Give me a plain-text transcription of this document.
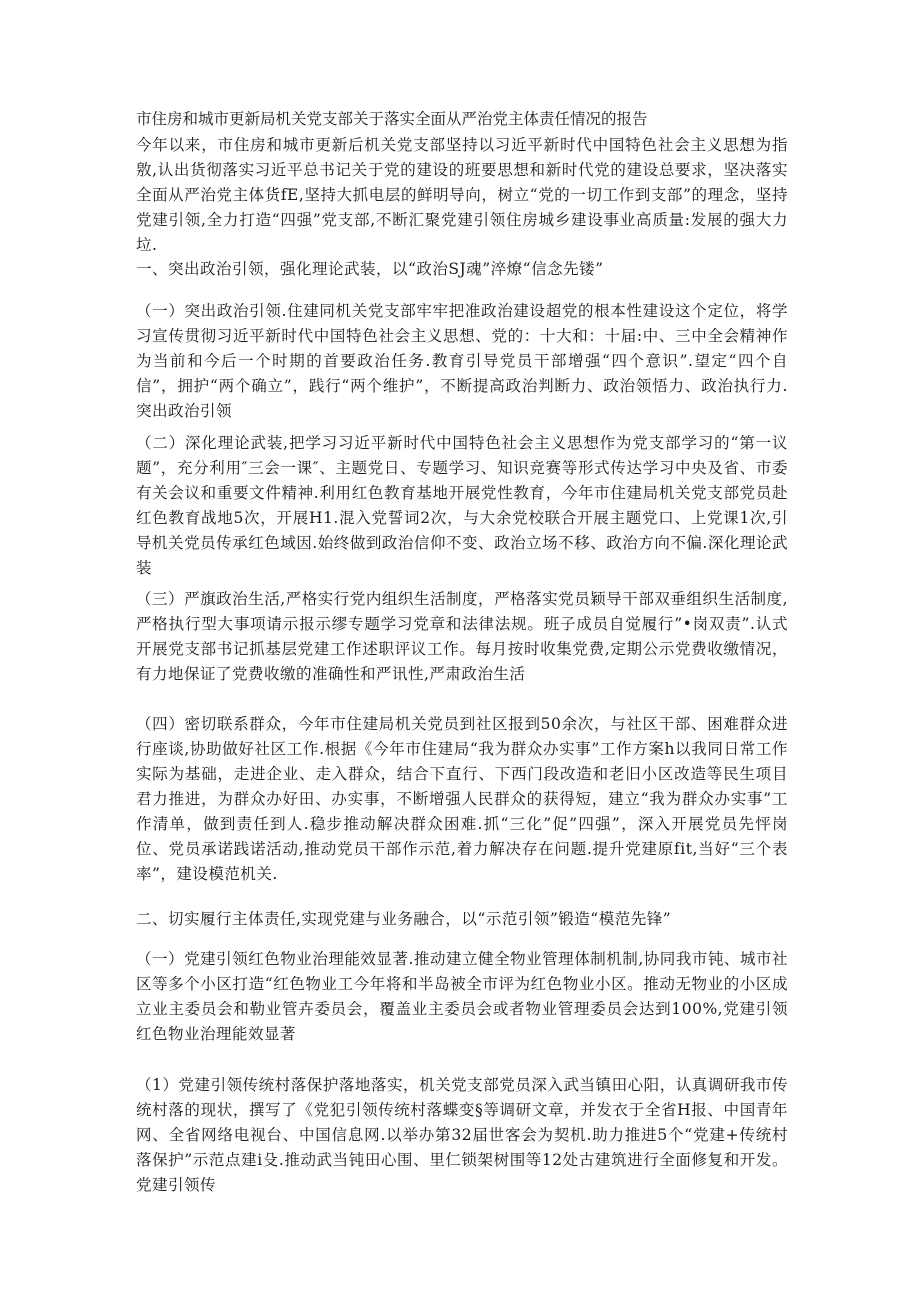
市住房和城市更新局机关党支部关于落实全面从严治党主体责任情况的报告
今年以来，市住房和城市更新后机关党支部坚持以习近平新时代中国特色社会主义思想为指敫,认出货彻落实习近平总书记关于党的建设的班要思想和新时代党的建设总要求，坚决落实全面从严治党主体货fE,坚持大抓电层的鲜明导向，树立“党的一切工作到支部”的理念，坚持党建引领,全力打造“四强”党支部,不断汇聚党建引领住房城乡建设事业高质量:发展的强大力垃.
一、突出政治引领，强化理论武装，以“政治SJ魂”淬燎“信念先镂”
（一）突出政治引领.住建同机关党支部牢牢把准政治建设超党的根本性建设这个定位，将学习宣传贯彻习近平新时代中国特色社会主义思想、党的：十大和：十届:中、三中全会精神作为当前和今后一个时期的首要政治任务.教育引导党员干部增强“四个意识”.望定“四个自信”，拥护“两个确立”，践行“两个维护”，不断提高政治判断力、政治领悟力、政治执行力.突出政治引领
（二）深化理论武装,把学习习近平新时代中国特色社会主义思想作为党支部学习的“第一议题”，充分利用″三会一课″、主题党日、专题学习、知识竞赛等形式传达学习中央及省、市委有关会议和重要文件精神.利用红色教育基地开展党性教育，今年市住建局机关党支部党员赴红色教育战地5次，开展H1.混入党誓词2次，与大余党校联合开展主题党口、上党课1次,引导机关党员传承红色域因.始终做到政治信仰不变、政治立场不移、政治方向不偏.深化理论武装
（三）严旗政治生活,严格实行党内组织生活制度，严格落实党员颖导干部双垂组织生活制度,严格执行型大事项请示报示缪专题学习党章和法律法规。班子成员自觉履行”•岗双责”.认式开展党支部书记抓基层党建工作述职评议工作。每月按时收集党费,定期公示党费收缴情况，有力地保证了党费收缴的准确性和严讯性,严肃政治生活
（四）密切联系群众，今年市住建局机关党员到社区报到50余次，与社区干部、困难群众进行座谈,协助做好社区工作.根据《今年市住建局“我为群众办实事”工作方案h以我同日常工作实际为基础，走进企业、走入群众，结合下直行、下西门段改造和老旧小区改造等民生项目君力推进，为群众办好田、办实事，不断增强人民群众的获得短，建立“我为群众办实事”工作清单，做到责任到人.稳步推动解决群众困难.抓“三化”促”四强”，深入开展党员先怦岗位、党员承诺践诺活动,推动党员干部作示范,着力解决存在问题.提升党建原fit,当好“三个表率”，建设模范机关.
二、切实履行主体责任,实现党建与业务融合，以“示范引领”锻造“模范先锋”
（一）党建引领红色物业治理能效显著.推动建立健全物业管理体制机制,协同我市钝、城市社区等多个小区打造“红色物业工今年将和半岛被全市评为红色物业小区。推动无物业的小区成立业主委员会和勒业管卉委员会，覆盖业主委员会或者物业管理委员会达到100%,党建引领红色物业治理能效显著
（1）党建引领传统村落保护落地落实，机关党支部党员深入武当镇田心阳，认真调研我市传统村落的现状，撰写了《党犯引领传统村落蝶变§等调研文章，并发衣于全省H报、中国青年网、全省网络电视台、中国信息网.以举办第32届世客会为契机.助力推进5个“党建+传统村落保护”示范点建i殳.推动武当钝田心围、里仁锁架树围等12处古建筑进行全面修复和开发。党建引领传
